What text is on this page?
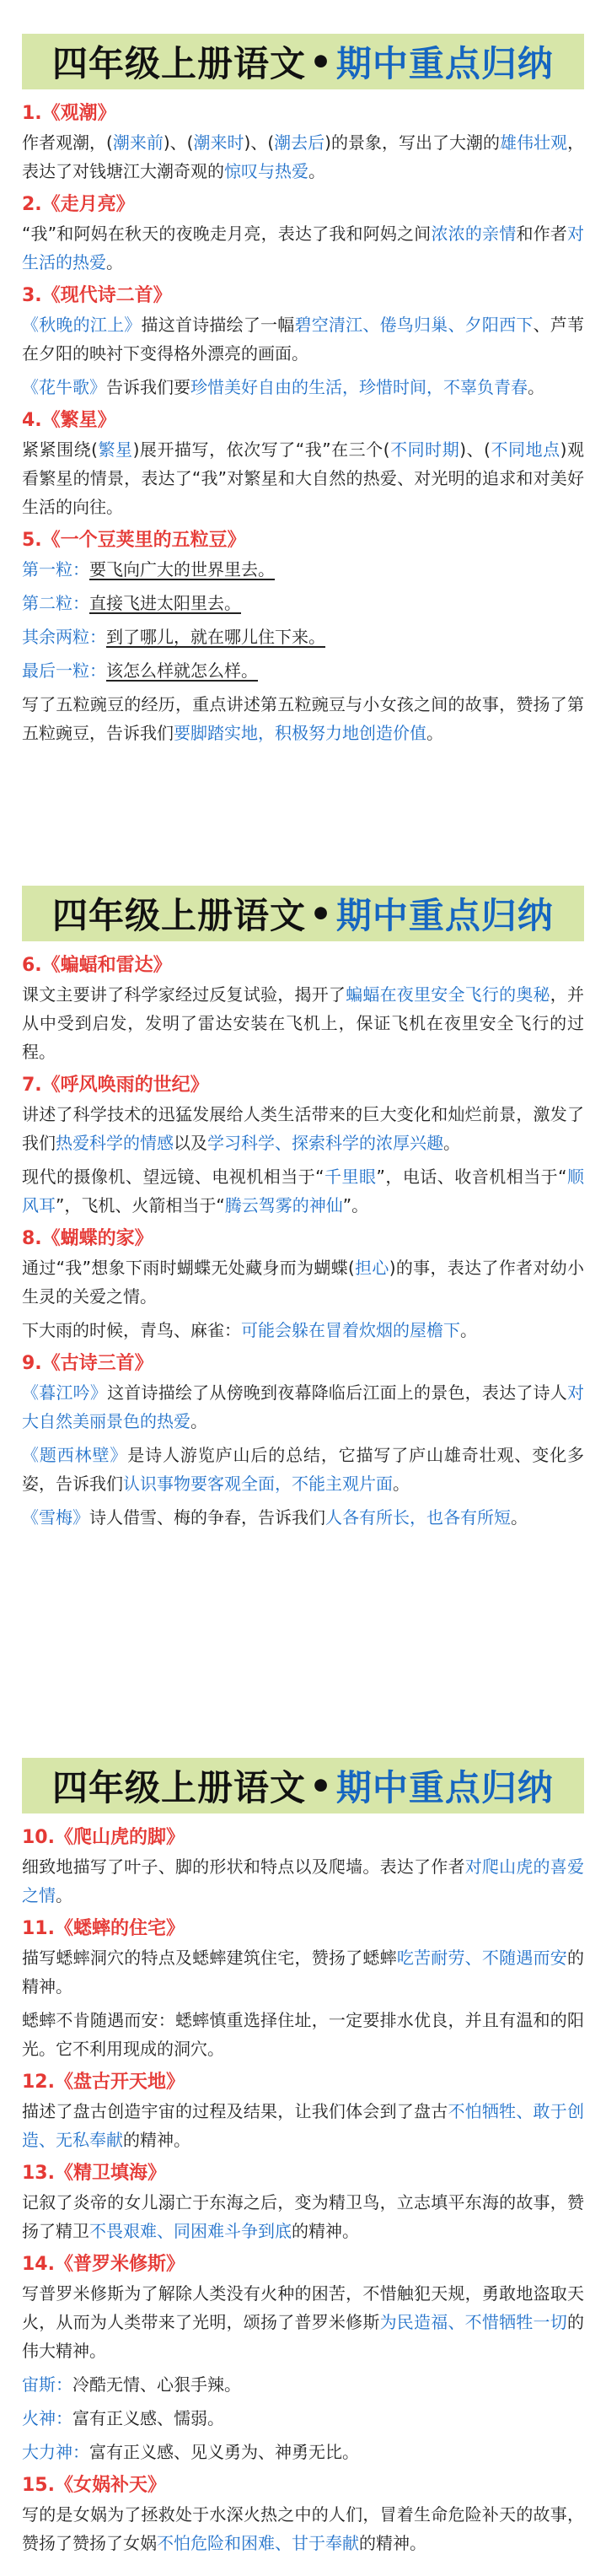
四年级上册语文 • 期中重点归纳
1.《观潮》
作者观潮，(潮来前)、(潮来时)、(潮去后)的景象，写出了大潮的雄伟壮观，表达了对钱塘江大潮奇观的惊叹与热爱。
2.《走月亮》
“我”和阿妈在秋天的夜晚走月亮，表达了我和阿妈之间浓浓的亲情和作者对生活的热爱。
3.《现代诗二首》
《秋晚的江上》描这首诗描绘了一幅碧空清江、倦鸟归巢、夕阳西下、芦苇在夕阳的映衬下变得格外漂亮的画面。
《花牛歌》告诉我们要珍惜美好自由的生活，珍惜时间，不辜负青春。
4.《繁星》
紧紧围绕(繁星)展开描写，依次写了“我”在三个(不同时期)、(不同地点)观看繁星的情景，表达了“我”对繁星和大自然的热爱、对光明的追求和对美好生活的向往。
5.《一个豆荚里的五粒豆》
第一粒：要飞向广大的世界里去。
第二粒：直接飞进太阳里去。
其余两粒：到了哪儿，就在哪儿住下来。
最后一粒：该怎么样就怎么样。
写了五粒豌豆的经历，重点讲述第五粒豌豆与小女孩之间的故事，赞扬了第五粒豌豆，告诉我们要脚踏实地，积极努力地创造价值。
四年级上册语文 • 期中重点归纳
6.《蝙蝠和雷达》
课文主要讲了科学家经过反复试验，揭开了蝙蝠在夜里安全飞行的奥秘，并从中受到启发，发明了雷达安装在飞机上，保证飞机在夜里安全飞行的过程。
7.《呼风唤雨的世纪》
讲述了科学技术的迅猛发展给人类生活带来的巨大变化和灿烂前景，激发了我们热爱科学的情感以及学习科学、探索科学的浓厚兴趣。
现代的摄像机、望远镜、电视机相当于“千里眼”，电话、收音机相当于“顺风耳”，飞机、火箭相当于“腾云驾雾的神仙”。
8.《蝴蝶的家》
通过“我”想象下雨时蝴蝶无处藏身而为蝴蝶(担心)的事，表达了作者对幼小生灵的关爱之情。
下大雨的时候，青鸟、麻雀：可能会躲在冒着炊烟的屋檐下。
9.《古诗三首》
《暮江吟》这首诗描绘了从傍晚到夜幕降临后江面上的景色，表达了诗人对大自然美丽景色的热爱。
《题西林壁》是诗人游览庐山后的总结，它描写了庐山雄奇壮观、变化多姿，告诉我们认识事物要客观全面，不能主观片面。
《雪梅》诗人借雪、梅的争春，告诉我们人各有所长，也各有所短。
四年级上册语文 • 期中重点归纳
10.《爬山虎的脚》
细致地描写了叶子、脚的形状和特点以及爬墙。表达了作者对爬山虎的喜爱之情。
11.《蟋蟀的住宅》
描写蟋蟀洞穴的特点及蟋蟀建筑住宅，赞扬了蟋蟀吃苦耐劳、不随遇而安的精神。
蟋蟀不肯随遇而安：蟋蟀慎重选择住址，一定要排水优良，并且有温和的阳光。它不利用现成的洞穴。
12.《盘古开天地》
描述了盘古创造宇宙的过程及结果，让我们体会到了盘古不怕牺牲、敢于创造、无私奉献的精神。
13.《精卫填海》
记叙了炎帝的女儿溺亡于东海之后，变为精卫鸟，立志填平东海的故事，赞扬了精卫不畏艰难、同困难斗争到底的精神。
14.《普罗米修斯》
写普罗米修斯为了解除人类没有火种的困苦，不惜触犯天规，勇敢地盗取天火，从而为人类带来了光明，颂扬了普罗米修斯为民造福、不惜牺牲一切的伟大精神。
宙斯：冷酷无情、心狠手辣。
火神：富有正义感、懦弱。
大力神：富有正义感、见义勇为、神勇无比。
15.《女娲补天》
写的是女娲为了拯救处于水深火热之中的人们，冒着生命危险补天的故事，赞扬了赞扬了女娲不怕危险和困难、甘于奉献的精神。
